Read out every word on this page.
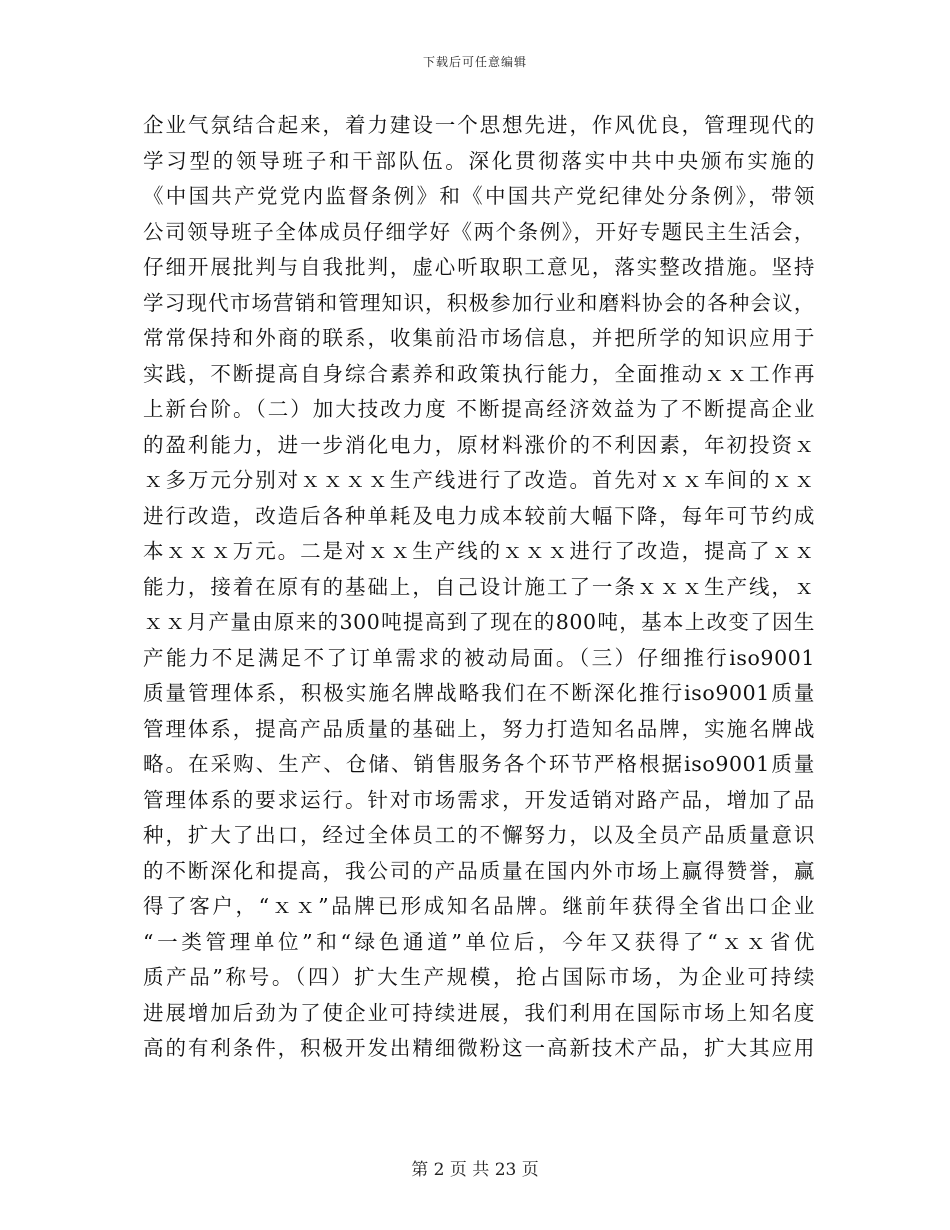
下载后可任意编辑
企业气氛结合起来，着力建设一个思想先进，作风优良，管理现代的
学习型的领导班子和干部队伍。深化贯彻落实中共中央颁布实施的
《中国共产党党内监督条例》和《中国共产党纪律处分条例》，带领
公司领导班子全体成员仔细学好《两个条例》，开好专题民主生活会，
仔细开展批判与自我批判，虚心听取职工意见，落实整改措施。坚持
学习现代市场营销和管理知识，积极参加行业和磨料协会的各种会议，
常常保持和外商的联系，收集前沿市场信息，并把所学的知识应用于
实践，不断提高自身综合素养和政策执行能力，全面推动ｘｘ工作再
上新台阶。（二）加大技改力度 不断提高经济效益为了不断提高企业
的盈利能力，进一步消化电力，原材料涨价的不利因素，年初投资ｘ
ｘ多万元分别对ｘｘｘｘ生产线进行了改造。首先对ｘｘ车间的ｘｘ
进行改造，改造后各种单耗及电力成本较前大幅下降，每年可节约成
本ｘｘｘ万元。二是对ｘｘ生产线的ｘｘｘ进行了改造，提高了ｘｘ
能力，接着在原有的基础上，自己设计施工了一条ｘｘｘ生产线，ｘ
ｘｘ月产量由原来的300吨提高到了现在的800吨，基本上改变了因生
产能力不足满足不了订单需求的被动局面。（三）仔细推行iso9001
质量管理体系，积极实施名牌战略我们在不断深化推行iso9001质量
管理体系，提高产品质量的基础上，努力打造知名品牌，实施名牌战
略。在采购、生产、仓储、销售服务各个环节严格根据iso9001质量
管理体系的要求运行。针对市场需求，开发适销对路产品，增加了品
种，扩大了出口，经过全体员工的不懈努力，以及全员产品质量意识
的不断深化和提高，我公司的产品质量在国内外市场上赢得赞誉，赢
得了客户，“ｘｘ”品牌已形成知名品牌。继前年获得全省出口企业
“一类管理单位”和“绿色通道”单位后，今年又获得了“ｘｘ省优
质产品”称号。（四）扩大生产规模，抢占国际市场，为企业可持续
进展增加后劲为了使企业可持续进展，我们利用在国际市场上知名度
高的有利条件，积极开发出精细微粉这一高新技术产品，扩大其应用
第 2 页 共 23 页
